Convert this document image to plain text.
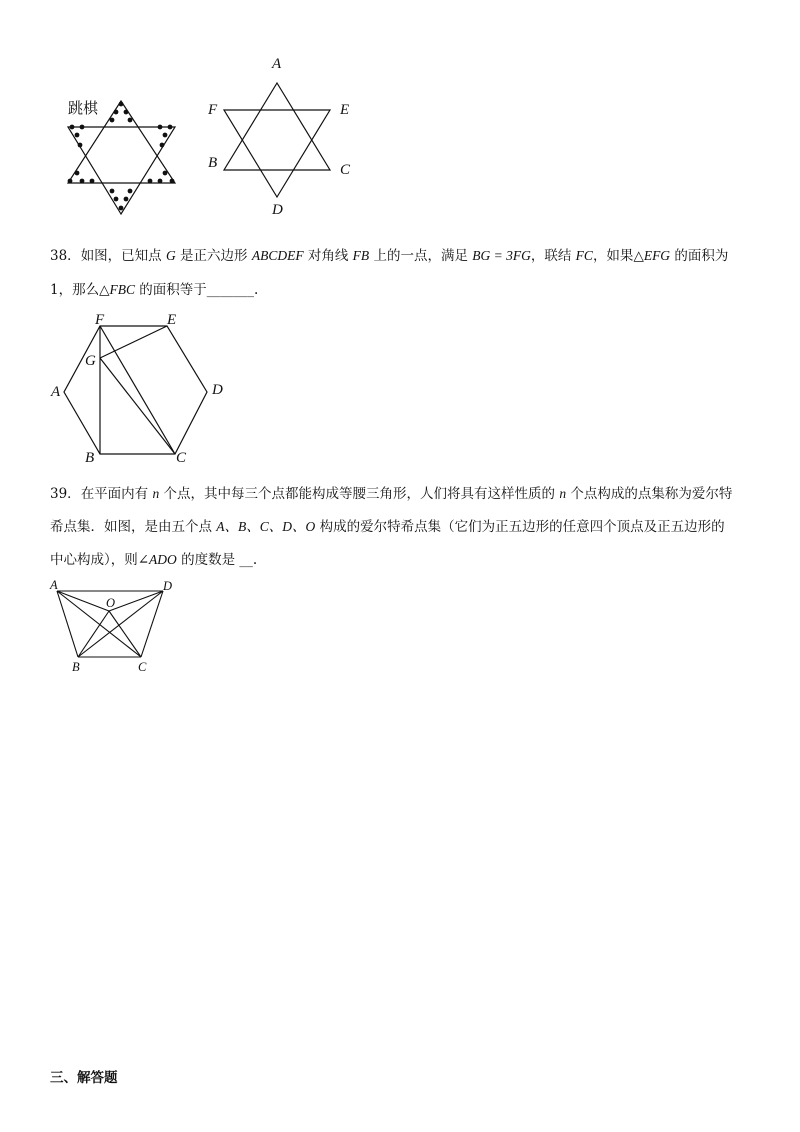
跳棋
A
F	E
B	C
D
38．如图，已知点 G 是正六边形 ABCDEF 对角线 FB 上的一点，满足 BG = 3FG，联结 FC，如果△EFG 的面积为
1，那么△FBC 的面积等于_______.
F	E
G
A	D
B	C
39．在平面内有 n 个点，其中每三个点都能构成等腰三角形，人们将具有这样性质的 n 个点构成的点集称为爱尔特
希点集．如图，是由五个点 A、B、C、D、O 构成的爱尔特希点集（它们为正五边形的任意四个顶点及正五边形的
中心构成），则∠ADO 的度数是 __.
A	D
O
B	C
三、解答题
